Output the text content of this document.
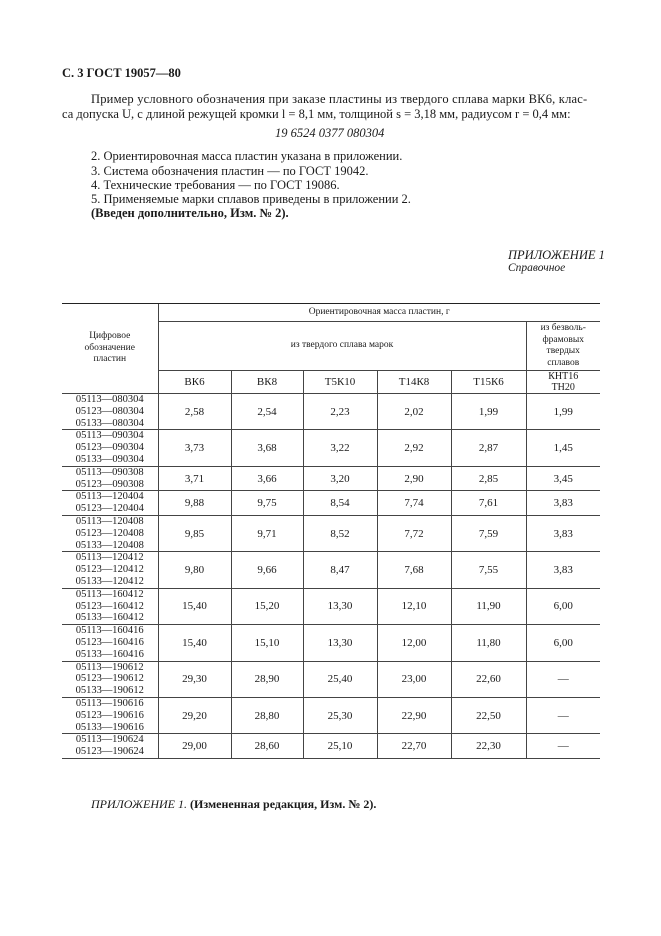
С. 3 ГОСТ 19057—80
Пример условного обозначения при заказе пластины из твердого сплава марки ВК6, клас-
са допуска U, с длиной режущей кромки l = 8,1 мм, толщиной s = 3,18 мм, радиусом r = 0,4 мм:
19 6524 0377 080304
2. Ориентировочная масса пластин указана в приложении.
3. Система обозначения пластин — по ГОСТ 19042.
4. Технические требования — по ГОСТ 19086.
5. Применяемые марки сплавов приведены в приложении 2.
(Введен дополнительно, Изм. № 2).
ПРИЛОЖЕНИЕ 1
Справочное
Цифровое обозначение пластин	Ориентировочная масса пластин, г					
	из твердого сплава марок					из безволь-фрамовых твердых сплавов

	ВК6	ВК8	Т5К10	Т14К8	Т15К6	КНТ16 ТН20

05113—080304
05123—080304
05133—080304	2,58	2,54	2,23	2,02	1,99	1,99

05113—090304
05123—090304
05133—090304	3,73	3,68	3,22	2,92	2,87	1,45

05113—090308
05123—090308	3,71	3,66	3,20	2,90	2,85	3,45

05113—120404
05123—120404	9,88	9,75	8,54	7,74	7,61	3,83

05113—120408
05123—120408
05133—120408	9,85	9,71	8,52	7,72	7,59	3,83

05113—120412
05123—120412
05133—120412	9,80	9,66	8,47	7,68	7,55	3,83

05113—160412
05123—160412
05133—160412	15,40	15,20	13,30	12,10	11,90	6,00

05113—160416
05123—160416
05133—160416	15,40	15,10	13,30	12,00	11,80	6,00

05113—190612
05123—190612
05133—190612	29,30	28,90	25,40	23,00	22,60	—

05113—190616
05123—190616
05133—190616	29,20	28,80	25,30	22,90	22,50	—

05113—190624
05123—190624	29,00	28,60	25,10	22,70	22,30	—
ПРИЛОЖЕНИЕ 1. (Измененная редакция, Изм. № 2).
